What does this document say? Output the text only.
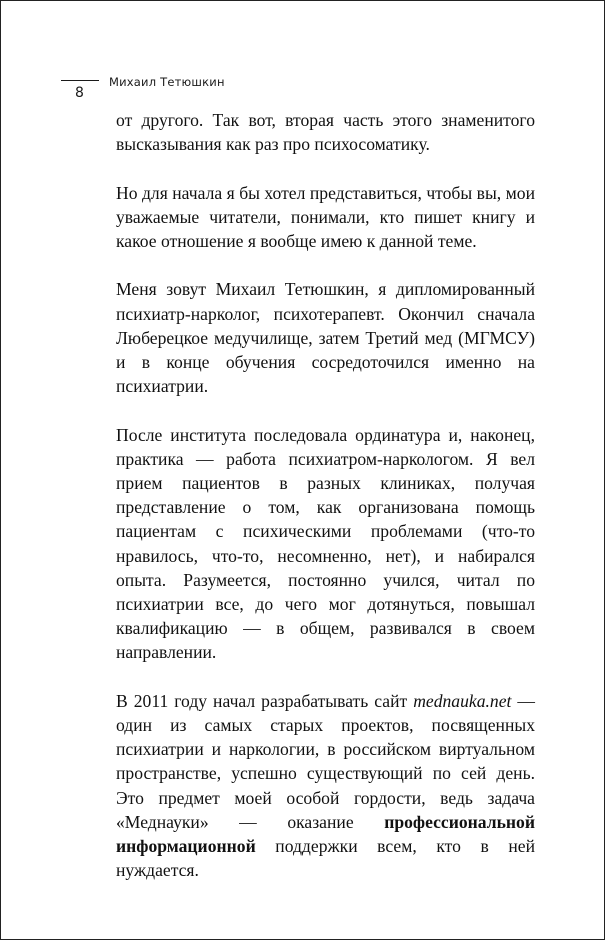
Михаил Тетюшкин
8

от другого. Так вот, вторая часть этого знаменитого высказывания как раз про психосоматику.

Но для начала я бы хотел представиться, чтобы вы, мои уважаемые читатели, понимали, кто пишет книгу и какое отношение я вообще имею к данной теме.

Меня зовут Михаил Тетюшкин, я дипломированный психиатр-нарколог, психотерапевт. Окончил сначала Люберецкое медучилище, затем Третий мед (МГМСУ) и в конце обучения сосредоточился именно на психиатрии.

После института последовала ординатура и, наконец, практика — работа психиатром-наркологом. Я вел прием пациентов в разных клиниках, получая представление о том, как организована помощь пациентам с психическими проблемами (что-то нравилось, что-то, несомненно, нет), и набирался опыта. Разумеется, постоянно учился, читал по психиатрии все, до чего мог дотянуться, повышал квалификацию — в общем, развивался в своем направлении.

В 2011 году начал разрабатывать сайт mednauka.net — один из самых старых проектов, посвященных психиатрии и наркологии, в российском виртуальном пространстве, успешно существующий по сей день. Это предмет моей особой гордости, ведь задача «Меднауки» — оказание профессиональной информационной поддержки всем, кто в ней нуждается.
